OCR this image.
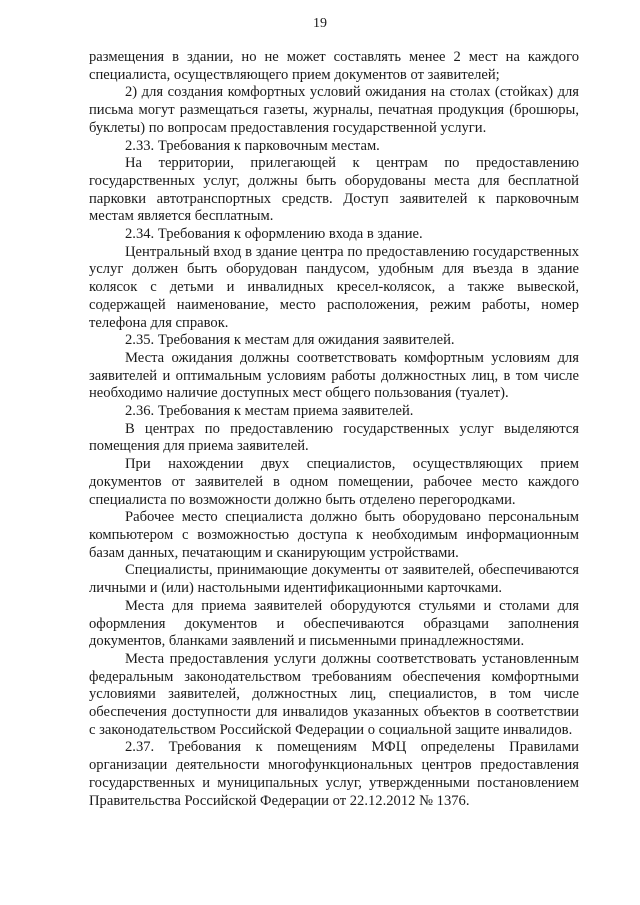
19

размещения в здании, но не может составлять менее 2 мест на каждого специалиста, осуществляющего прием документов от заявителей;

2) для создания комфортных условий ожидания на столах (стойках) для письма могут размещаться газеты, журналы, печатная продукция (брошюры, буклеты) по вопросам предоставления государственной услуги.

2.33. Требования к парковочным местам.

На территории, прилегающей к центрам по предоставлению государственных услуг, должны быть оборудованы места для бесплатной парковки автотранспортных средств. Доступ заявителей к парковочным местам является бесплатным.

2.34. Требования к оформлению входа в здание.

Центральный вход в здание центра по предоставлению государственных услуг должен быть оборудован пандусом, удобным для въезда в здание колясок с детьми и инвалидных кресел-колясок, а также вывеской, содержащей наименование, место расположения, режим работы, номер телефона для справок.

2.35. Требования к местам для ожидания заявителей.

Места ожидания должны соответствовать комфортным условиям для заявителей и оптимальным условиям работы должностных лиц, в том числе необходимо наличие доступных мест общего пользования (туалет).

2.36. Требования к местам приема заявителей.

В центрах по предоставлению государственных услуг выделяются помещения для приема заявителей.

При нахождении двух специалистов, осуществляющих прием документов от заявителей в одном помещении, рабочее место каждого специалиста по возможности должно быть отделено перегородками.

Рабочее место специалиста должно быть оборудовано персональным компьютером с возможностью доступа к необходимым информационным базам данных, печатающим и сканирующим устройствами.

Специалисты, принимающие документы от заявителей, обеспечиваются личными и (или) настольными идентификационными карточками.

Места для приема заявителей оборудуются стульями и столами для оформления документов и обеспечиваются образцами заполнения документов, бланками заявлений и письменными принадлежностями.

Места предоставления услуги должны соответствовать установленным федеральным законодательством требованиям обеспечения комфортными условиями заявителей, должностных лиц, специалистов, в том числе обеспечения доступности для инвалидов указанных объектов в соответствии с законодательством Российской Федерации о социальной защите инвалидов.

2.37. Требования к помещениям МФЦ определены Правилами организации деятельности многофункциональных центров предоставления государственных и муниципальных услуг, утвержденными постановлением Правительства Российской Федерации от 22.12.2012 № 1376.
